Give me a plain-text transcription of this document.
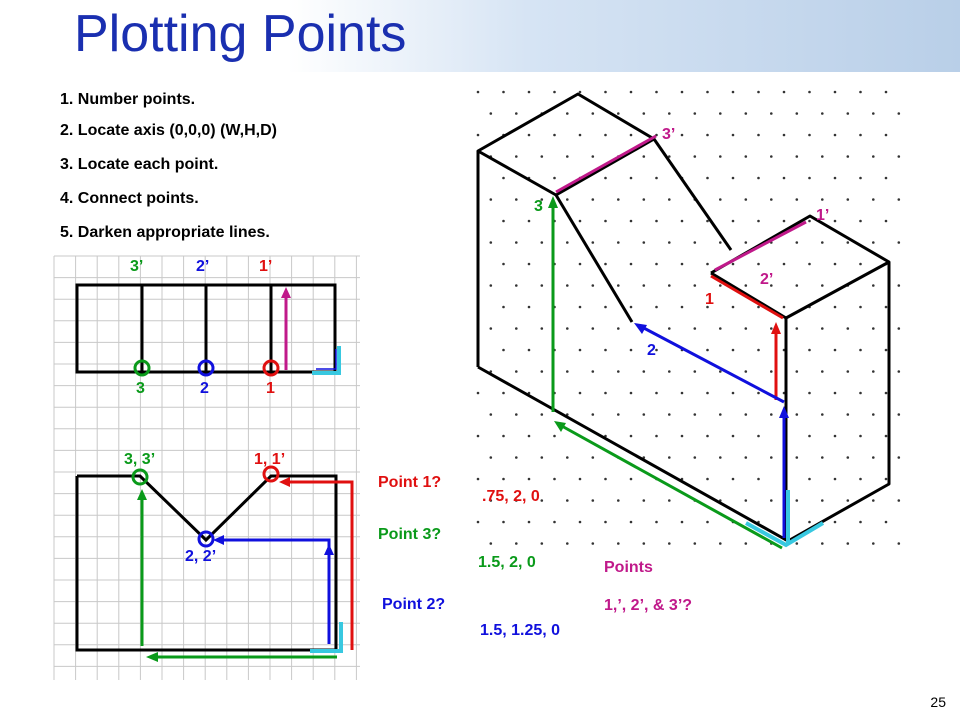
Plotting Points
1. Number points.
2. Locate axis (0,0,0) (W,H,D)
3. Locate each point.
4. Connect points.
5. Darken appropriate lines.
3’	2’	1’
3	2	1
3, 3’	1, 1’
2, 2’
Point 1?
Point 3?
Point 2?
.75, 2, 0
1.5, 2, 0
1.5, 1.25, 0
Points
1,’, 2’, & 3’?
3’
3
1’
2’
1
2
25
